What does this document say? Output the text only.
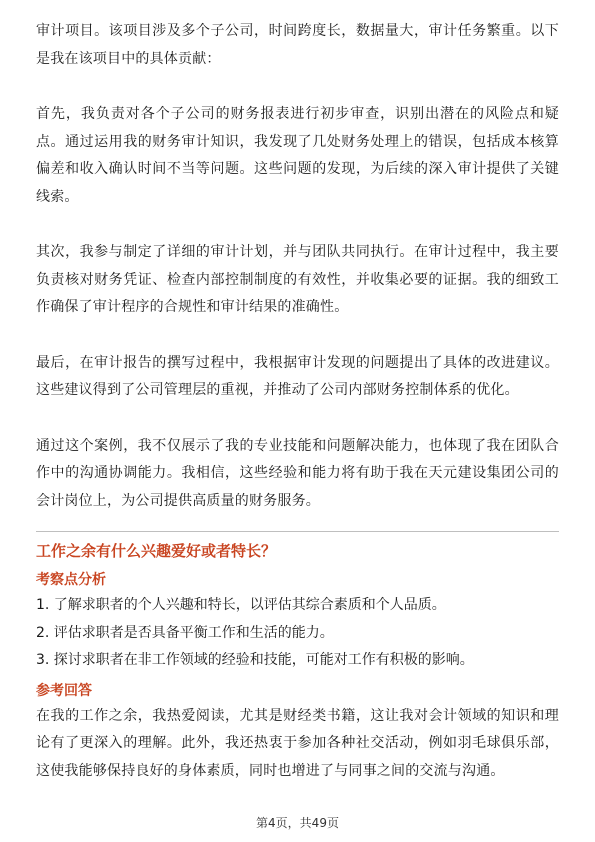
审计项目。该项目涉及多个子公司，时间跨度长，数据量大，审计任务繁重。以下是我在该项目中的具体贡献：

首先，我负责对各个子公司的财务报表进行初步审查，识别出潜在的风险点和疑点。通过运用我的财务审计知识，我发现了几处财务处理上的错误，包括成本核算偏差和收入确认时间不当等问题。这些问题的发现，为后续的深入审计提供了关键线索。

其次，我参与制定了详细的审计计划，并与团队共同执行。在审计过程中，我主要负责核对财务凭证、检查内部控制制度的有效性，并收集必要的证据。我的细致工作确保了审计程序的合规性和审计结果的准确性。

最后，在审计报告的撰写过程中，我根据审计发现的问题提出了具体的改进建议。这些建议得到了公司管理层的重视，并推动了公司内部财务控制体系的优化。

通过这个案例，我不仅展示了我的专业技能和问题解决能力，也体现了我在团队合作中的沟通协调能力。我相信，这些经验和能力将有助于我在天元建设集团公司的会计岗位上，为公司提供高质量的财务服务。

工作之余有什么兴趣爱好或者特长？

考察点分析

1. 了解求职者的个人兴趣和特长，以评估其综合素质和个人品质。

2. 评估求职者是否具备平衡工作和生活的能力。

3. 探讨求职者在非工作领域的经验和技能，可能对工作有积极的影响。

参考回答

在我的工作之余，我热爱阅读，尤其是财经类书籍，这让我对会计领域的知识和理论有了更深入的理解。此外，我还热衷于参加各种社交活动，例如羽毛球俱乐部，这使我能够保持良好的身体素质，同时也增进了与同事之间的交流与沟通。

第4页，共49页
